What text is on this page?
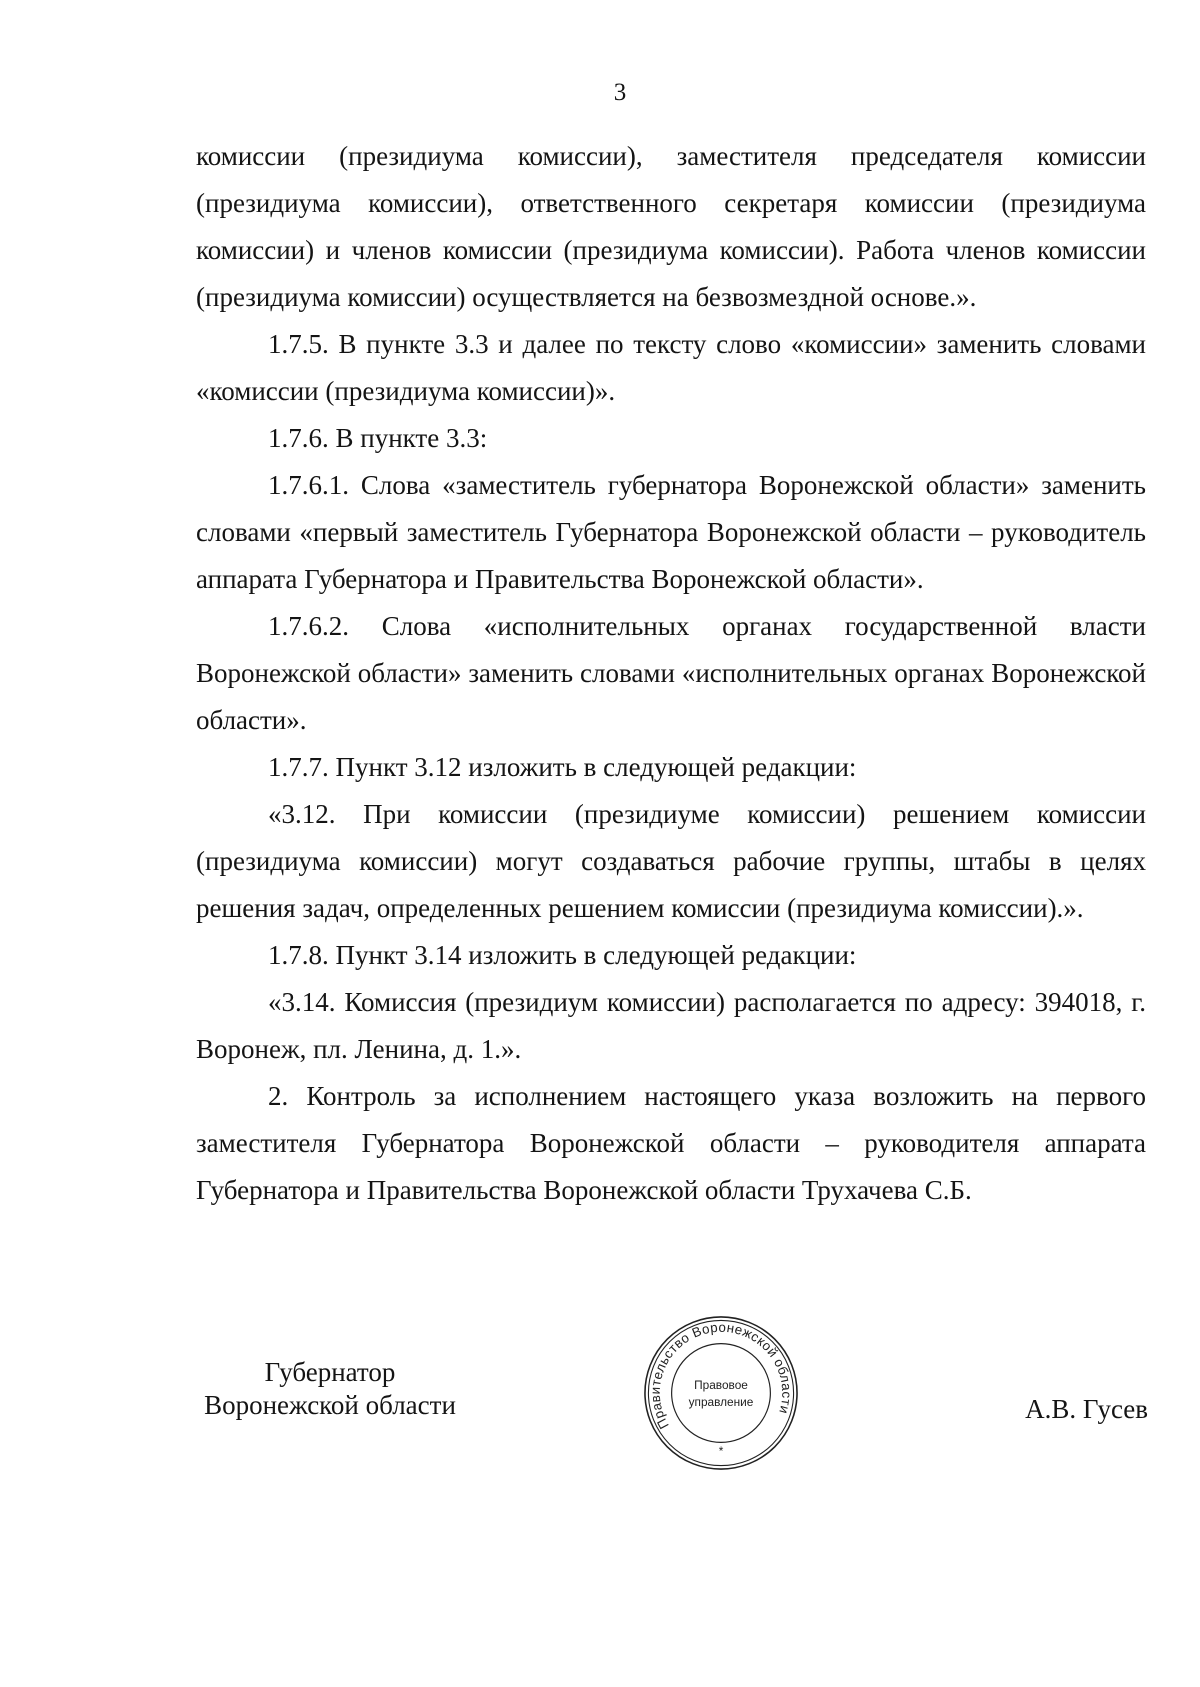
3

комиссии (президиума комиссии), заместителя председателя комиссии (президиума комиссии), ответственного секретаря комиссии (президиума комиссии) и членов комиссии (президиума комиссии). Работа членов комиссии (президиума комиссии) осуществляется на безвозмездной основе.».

1.7.5. В пункте 3.3 и далее по тексту слово «комиссии» заменить словами «комиссии (президиума комиссии)».

1.7.6. В пункте 3.3:

1.7.6.1. Слова «заместитель губернатора Воронежской области» заменить словами «первый заместитель Губернатора Воронежской области – руководитель аппарата Губернатора и Правительства Воронежской области».

1.7.6.2. Слова «исполнительных органах государственной власти Воронежской области» заменить словами «исполнительных органах Воронежской области».

1.7.7. Пункт 3.12 изложить в следующей редакции:

«3.12. При комиссии (президиуме комиссии) решением комиссии (президиума комиссии) могут создаваться рабочие группы, штабы в целях решения задач, определенных решением комиссии (президиума комиссии).».

1.7.8. Пункт 3.14 изложить в следующей редакции:

«3.14. Комиссия (президиум комиссии) располагается по адресу: 394018, г. Воронеж, пл. Ленина, д. 1.».

2. Контроль за исполнением настоящего указа возложить на первого заместителя Губернатора Воронежской области – руководителя аппарата Губернатора и Правительства Воронежской области Трухачева С.Б.

Губернатор
Воронежской области
Правительство Воронежской области
Правовое
управление
*
А.В. Гусев
